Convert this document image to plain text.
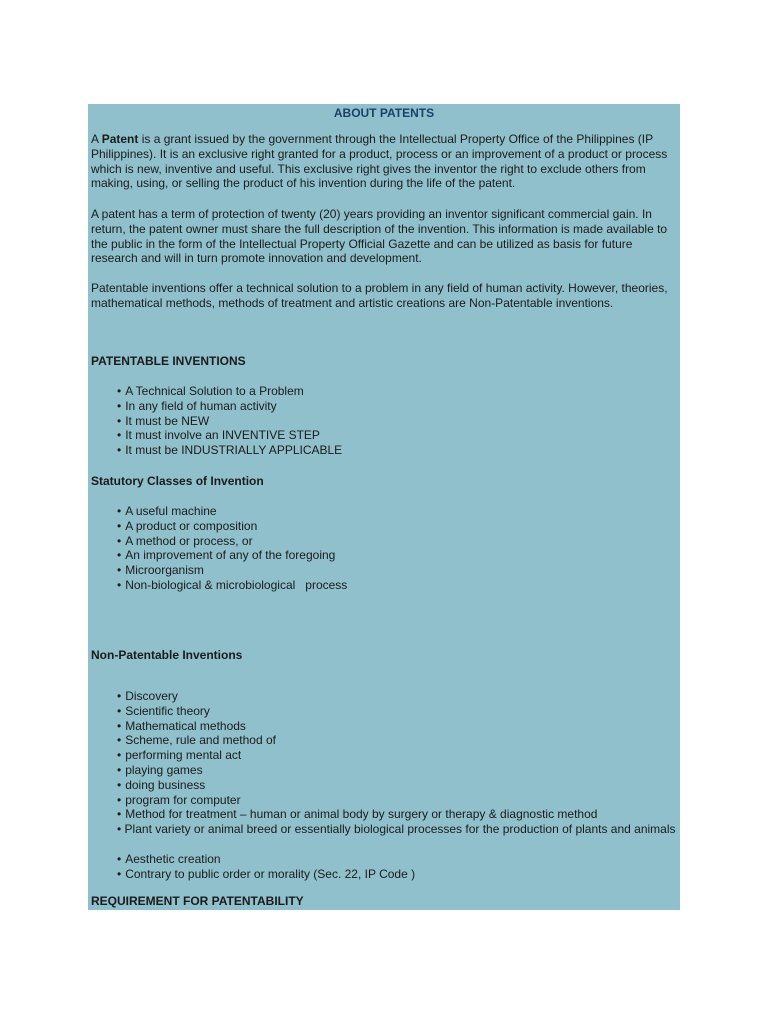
ABOUT PATENTS

A Patent is a grant issued by the government through the Intellectual Property Office of the Philippines (IP Philippines). It is an exclusive right granted for a product, process or an improvement of a product or process which is new, inventive and useful. This exclusive right gives the inventor the right to exclude others from making, using, or selling the product of his invention during the life of the patent.

A patent has a term of protection of twenty (20) years providing an inventor significant commercial gain. In return, the patent owner must share the full description of the invention. This information is made available to the public in the form of the Intellectual Property Official Gazette and can be utilized as basis for future research and will in turn promote innovation and development.

Patentable inventions offer a technical solution to a problem in any field of human activity. However, theories, mathematical methods, methods of treatment and artistic creations are Non-Patentable inventions.

PATENTABLE INVENTIONS
• A Technical Solution to a Problem
• In any field of human activity
• It must be NEW
• It must involve an INVENTIVE STEP
• It must be INDUSTRIALLY APPLICABLE
Statutory Classes of Invention
• A useful machine
• A product or composition
• A method or process, or
• An improvement of any of the foregoing
• Microorganism
• Non-biological & microbiological   process
Non-Patentable Inventions
• Discovery
• Scientific theory
• Mathematical methods
• Scheme, rule and method of
• performing mental act
• playing games
• doing business
• program for computer
• Method for treatment – human or animal body by surgery or therapy & diagnostic method

• Plant variety or animal breed or essentially biological processes for the production of plants and animals

• Aesthetic creation
• Contrary to public order or morality (Sec. 22, IP Code )
REQUIREMENT FOR PATENTABILITY
